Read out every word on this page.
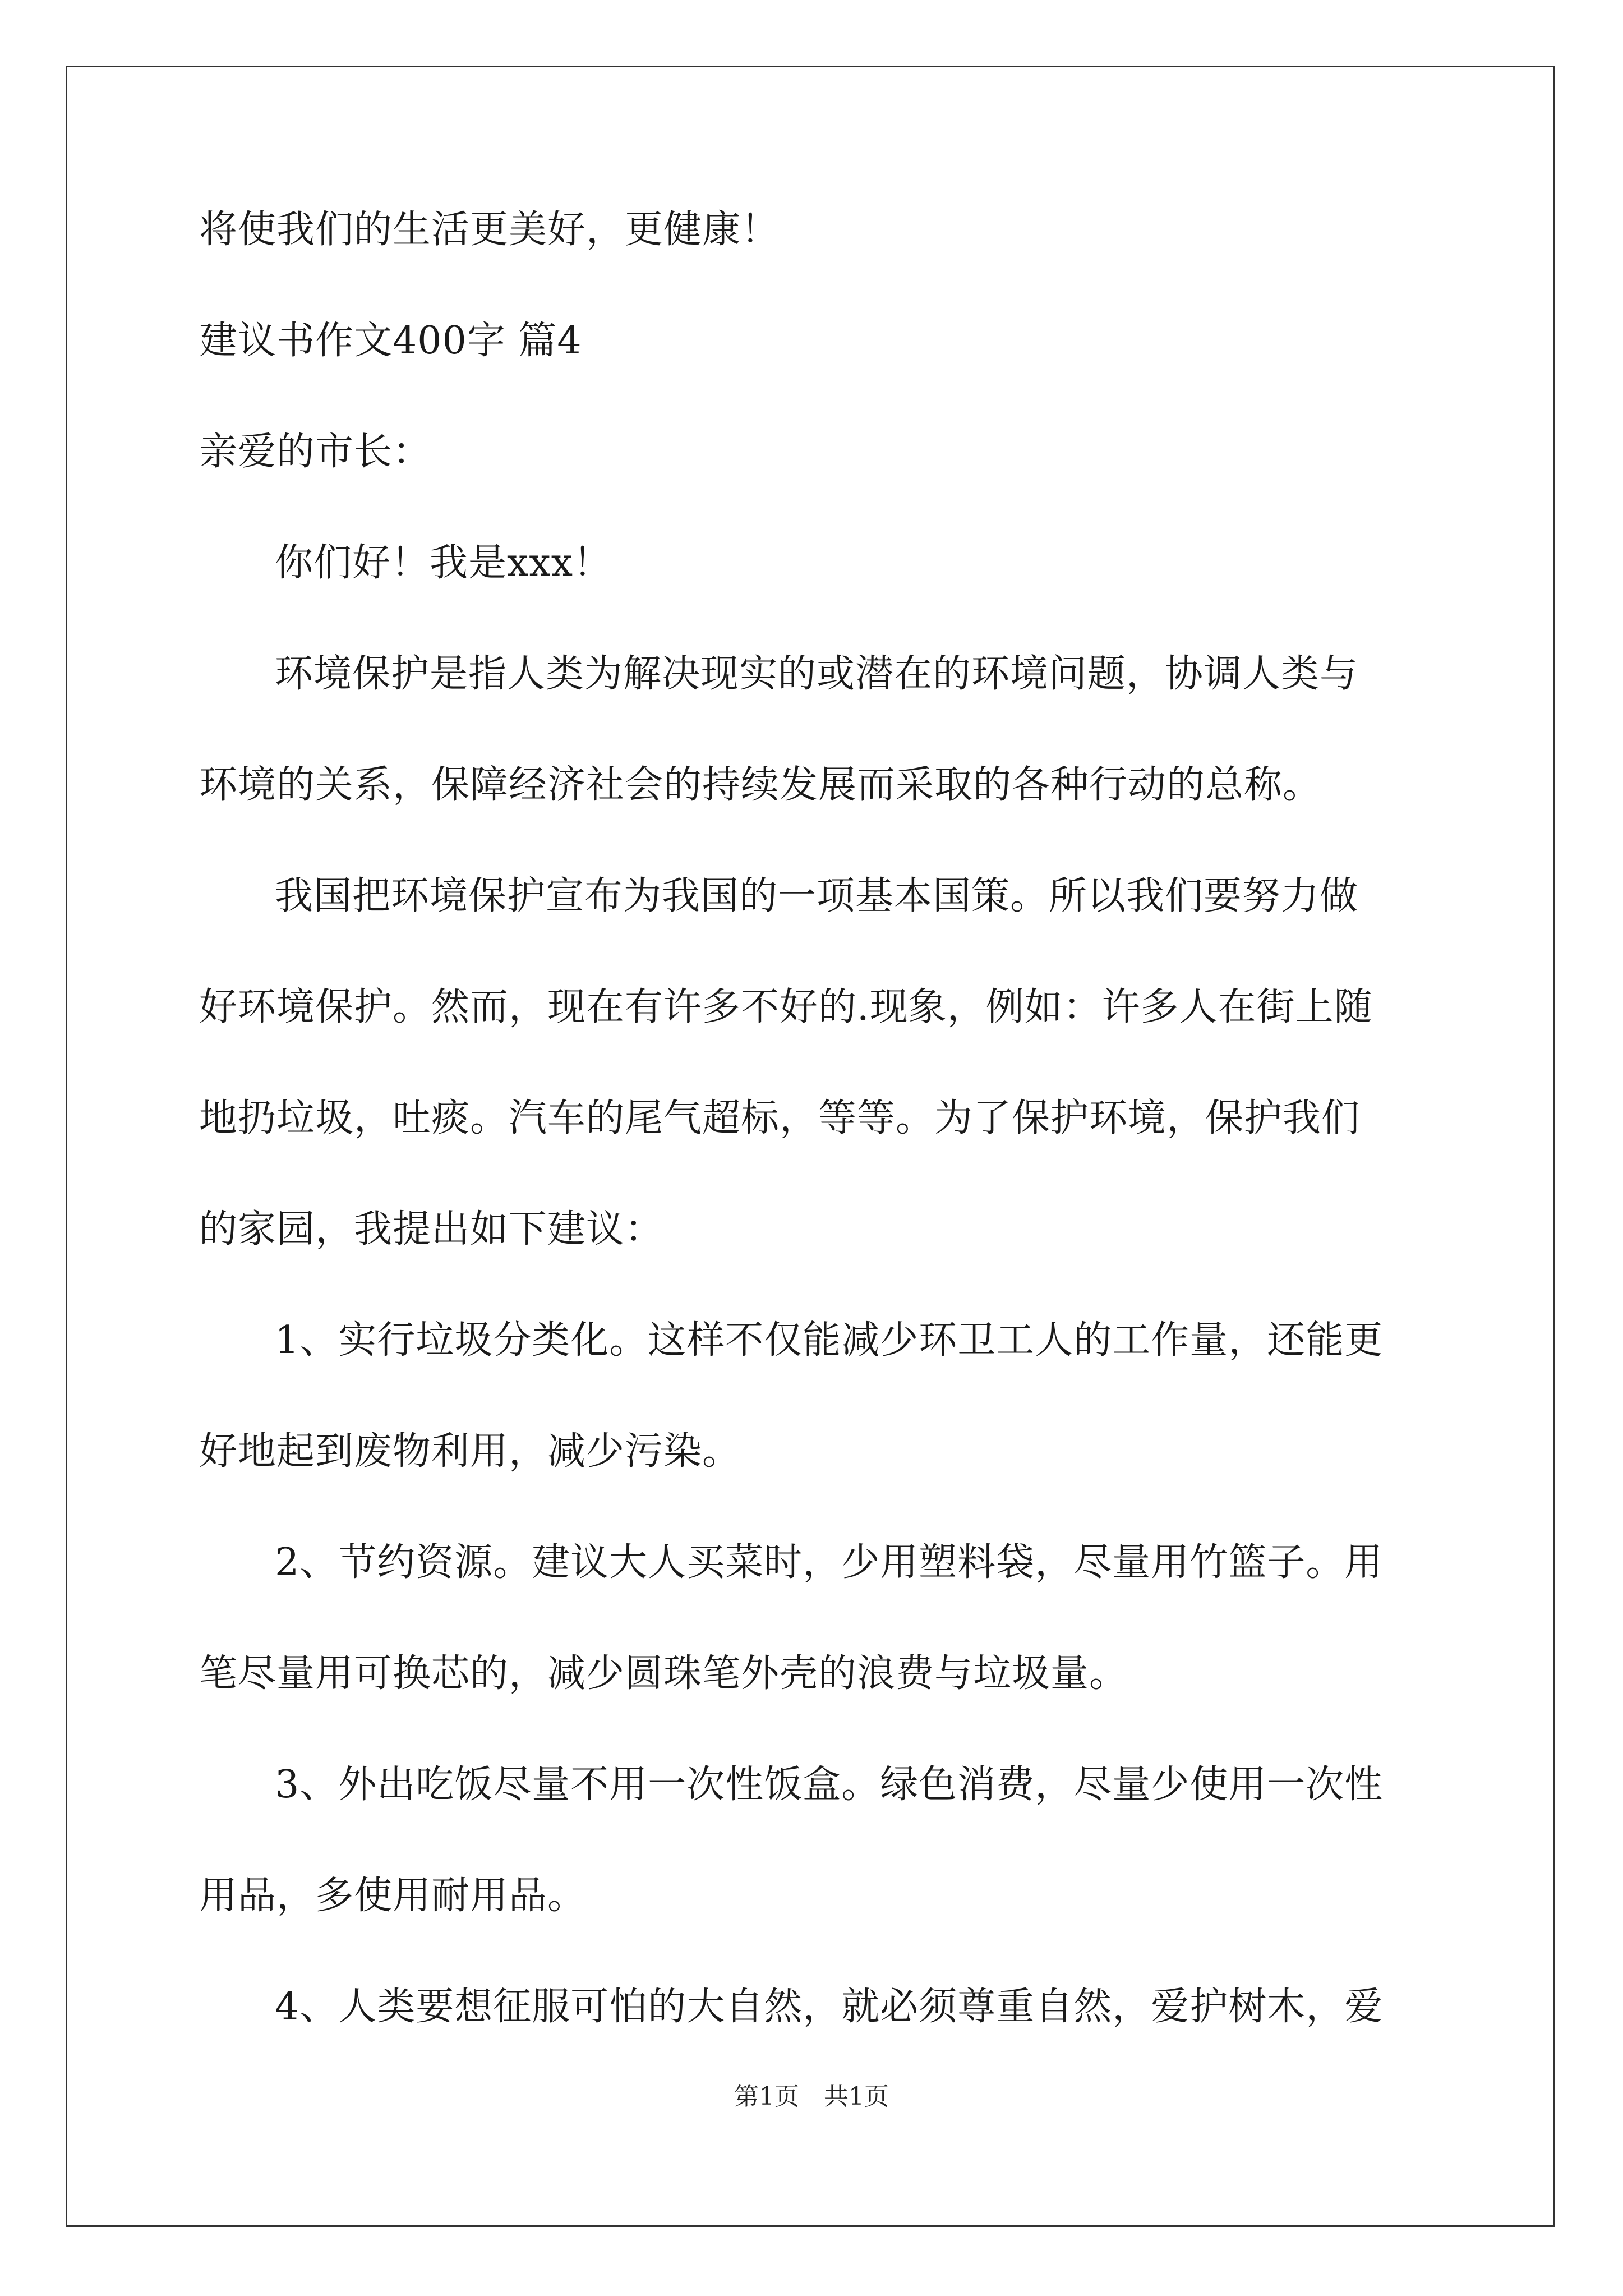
将使我们的生活更美好，更健康！
建议书作文400字 篇4
亲爱的市长：
你们好！我是xxx！
环境保护是指人类为解决现实的或潜在的环境问题，协调人类与
环境的关系，保障经济社会的持续发展而采取的各种行动的总称。
我国把环境保护宣布为我国的一项基本国策。所以我们要努力做
好环境保护。然而，现在有许多不好的.现象，例如：许多人在街上随
地扔垃圾，吐痰。汽车的尾气超标，等等。为了保护环境，保护我们
的家园，我提出如下建议：
1、实行垃圾分类化。这样不仅能减少环卫工人的工作量，还能更
好地起到废物利用，减少污染。
2、节约资源。建议大人买菜时，少用塑料袋，尽量用竹篮子。用
笔尽量用可换芯的，减少圆珠笔外壳的浪费与垃圾量。
3、外出吃饭尽量不用一次性饭盒。绿色消费，尽量少使用一次性
用品，多使用耐用品。
4、人类要想征服可怕的大自然，就必须尊重自然，爱护树木，爱
第1页　共1页
